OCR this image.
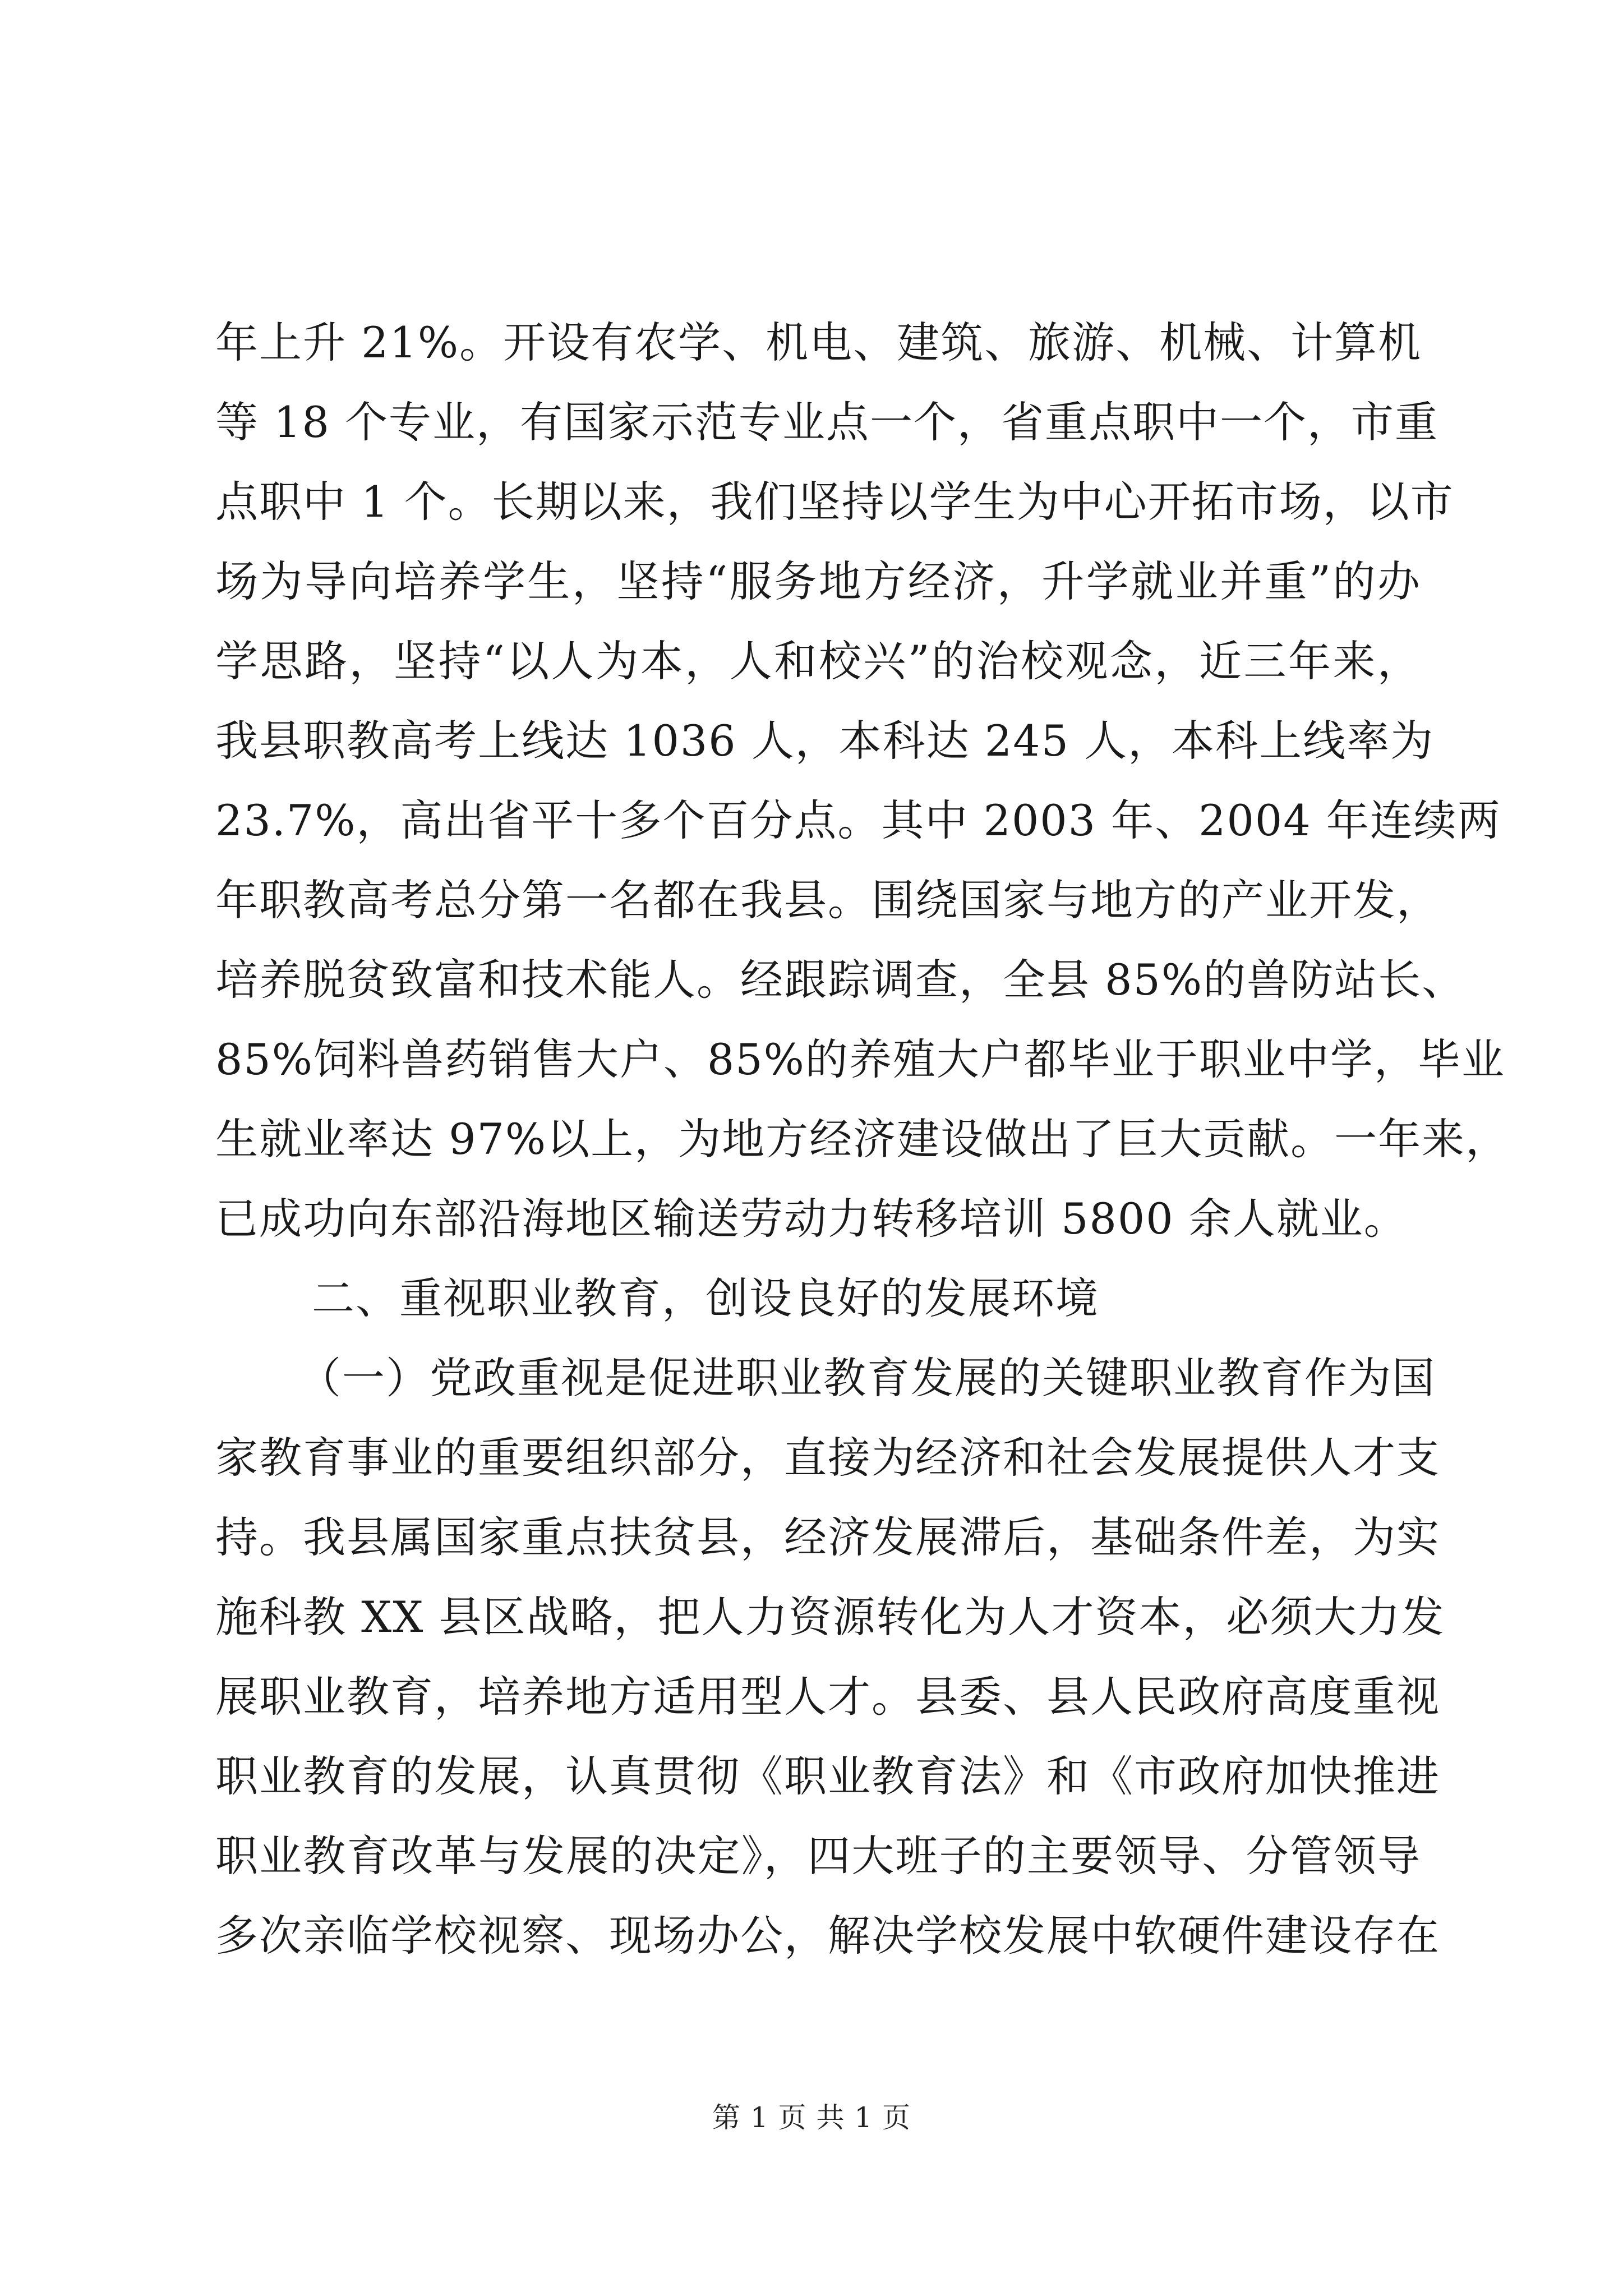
年上升 21%。开设有农学、机电、建筑、旅游、机械、计算机
等 18 个专业，有国家示范专业点一个，省重点职中一个，市重
点职中 1 个。长期以来，我们坚持以学生为中心开拓市场，以市
场为导向培养学生，坚持“服务地方经济，升学就业并重”的办
学思路，坚持“以人为本，人和校兴”的治校观念，近三年来，
我县职教高考上线达 1036 人，本科达 245 人，本科上线率为
23.7%，高出省平十多个百分点。其中 2003 年、2004 年连续两
年职教高考总分第一名都在我县。围绕国家与地方的产业开发，
培养脱贫致富和技术能人。经跟踪调查，全县 85%的兽防站长、
85%饲料兽药销售大户、85%的养殖大户都毕业于职业中学，毕业
生就业率达 97%以上，为地方经济建设做出了巨大贡献。一年来，
已成功向东部沿海地区输送劳动力转移培训 5800 余人就业。
二、重视职业教育，创设良好的发展环境
（一）党政重视是促进职业教育发展的关键职业教育作为国
家教育事业的重要组织部分，直接为经济和社会发展提供人才支
持。我县属国家重点扶贫县，经济发展滞后，基础条件差，为实
施科教 XX 县区战略，把人力资源转化为人才资本，必须大力发
展职业教育，培养地方适用型人才。县委、县人民政府高度重视
职业教育的发展，认真贯彻《职业教育法》和《市政府加快推进
职业教育改革与发展的决定》，四大班子的主要领导、分管领导
多次亲临学校视察、现场办公，解决学校发展中软硬件建设存在
第 1 页 共 1 页
